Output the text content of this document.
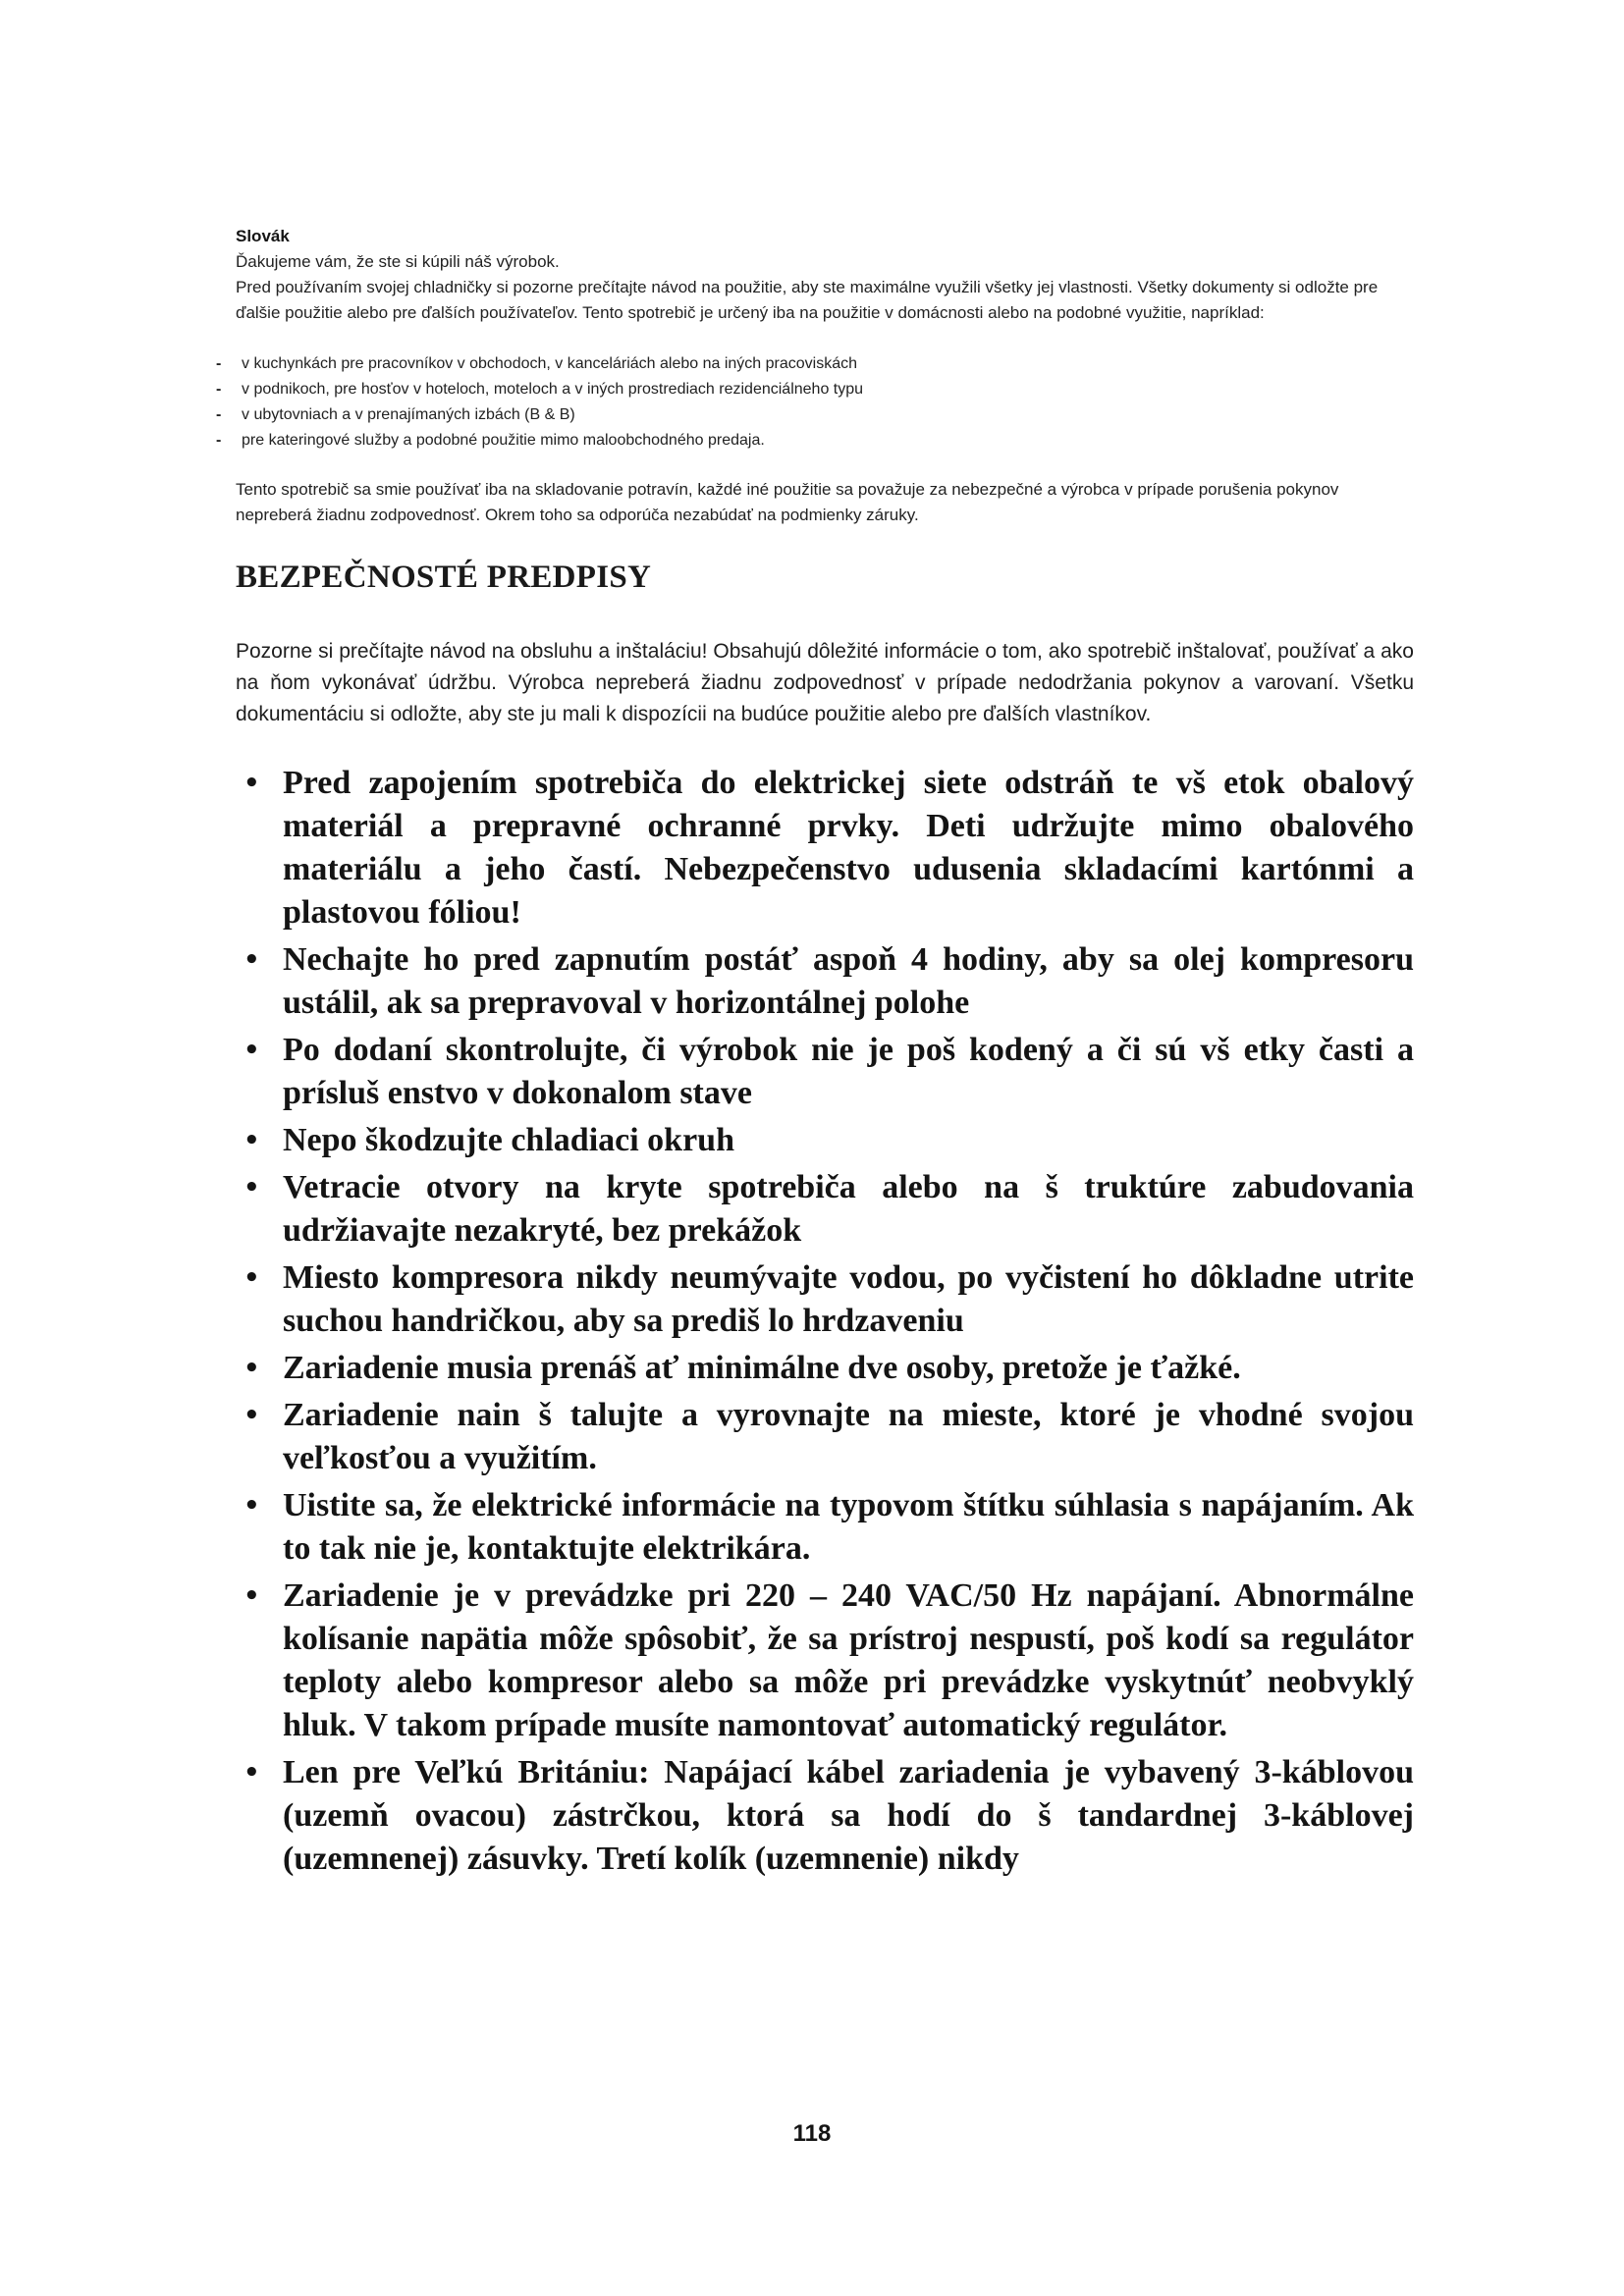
Slovák

Ďakujeme vám, že ste si kúpili náš výrobok.

Pred používaním svojej chladničky si pozorne prečítajte návod na použitie, aby ste maximálne využili všetky jej vlastnosti. Všetky dokumenty si odložte pre ďalšie použitie alebo pre ďalších používateľov. Tento spotrebič je určený iba na použitie v domácnosti alebo na podobné využitie, napríklad:

- v kuchynkách pre pracovníkov v obchodoch, v kanceláriách alebo na iných pracoviskách
- v podnikoch, pre hosťov v hoteloch, moteloch a v iných prostrediach rezidenciálneho typu
- v ubytovniach a v prenajímaných izbách (B & B)
- pre kateringové služby a podobné použitie mimo maloobchodného predaja.

Tento spotrebič sa smie používať iba na skladovanie potravín, každé iné použitie sa považuje za nebezpečné a výrobca v prípade porušenia pokynov nepreberá žiadnu zodpovednosť. Okrem toho sa odporúča nezabúdať na podmienky záruky.

BEZPEČNOSTÉ PREDPISY

Pozorne si prečítajte návod na obsluhu a inštaláciu! Obsahujú dôležité informácie o tom, ako spotrebič inštalovať, používať a ako na ňom vykonávať údržbu. Výrobca nepreberá žiadnu zodpovednosť v prípade nedodržania pokynov a varovaní. Všetku dokumentáciu si odložte, aby ste ju mali k dispozícii na budúce použitie alebo pre ďalších vlastníkov.

• Pred zapojením spotrebiča do elektrickej siete odstráň te vš etok obalový materiál a prepravné ochranné prvky. Deti udržujte mimo obalového materiálu a jeho častí. Nebezpečenstvo udusenia skladacími kartónmi a plastovou fóliou!
• Nechajte ho pred zapnutím postáť aspoň 4 hodiny, aby sa olej kompresoru ustálil, ak sa prepravoval v horizontálnej polohe
• Po dodaní skontrolujte, či výrobok nie je poš kodený a či sú vš etky časti a prísluš enstvo v dokonalom stave
• Nepo škodzujte chladiaci okruh
• Vetracie otvory na kryte spotrebiča alebo na š truktúre zabudovania udržiavajte nezakryté, bez prekážok
• Miesto kompresora nikdy neumývajte vodou, po vyčistení ho dôkladne utrite suchou handričkou, aby sa prediš lo hrdzaveniu
• Zariadenie musia prenáš ať minimálne dve osoby, pretože je ťažké.
• Zariadenie nain š talujte a vyrovnajte na mieste, ktoré je vhodné svojou veľkosťou a využitím.
• Uistite sa, že elektrické informácie na typovom štítku súhlasia s napájaním. Ak to tak nie je, kontaktujte elektrikára.
• Zariadenie je v prevádzke pri 220 – 240 VAC/50 Hz napájaní. Abnormálne kolísanie napätia môže spôsobiť, že sa prístroj nespustí, poš kodí sa regulátor teploty alebo kompresor alebo sa môže pri prevádzke vyskytnúť neobvyklý hluk. V takom prípade musíte namontovať automatický regulátor.
• Len pre Veľkú Britániu: Napájací kábel zariadenia je vybavený 3-káblovou (uzemň ovacou) zástrčkou, ktorá sa hodí do š tandardnej 3-káblovej (uzemnenej) zásuvky. Tretí kolík (uzemnenie) nikdy
118
